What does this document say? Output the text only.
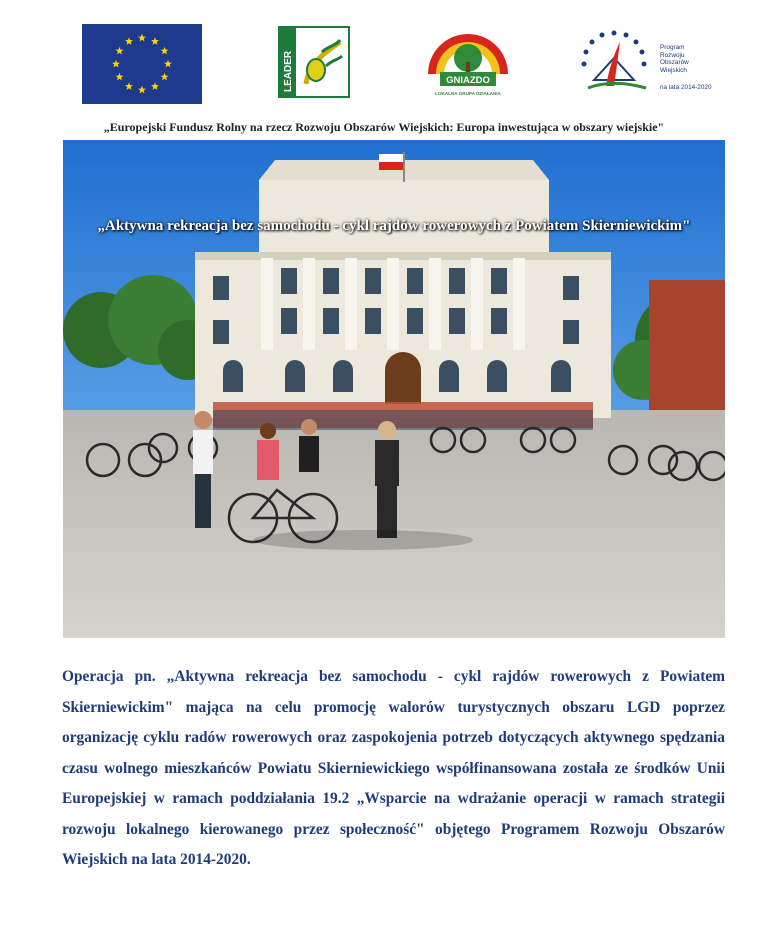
LEADER	GNIAZDO
LOKALNA GRUPA DZIAŁANIA
Program
Rozwoju
Obszarów
Wiejskich
na lata 2014-2020
„Europejski Fundusz Rolny na rzecz Rozwoju Obszarów Wiejskich: Europa inwestująca w obszary wiejskie"
„Aktywna rekreacja bez samochodu - cykl rajdów rowerowych z Powiatem Skierniewickim"

Operacja pn. „Aktywna rekreacja bez samochodu - cykl rajdów rowerowych z Powiatem Skierniewickim" mająca na celu promocję walorów turystycznych obszaru LGD poprzez organizację cyklu radów rowerowych oraz zaspokojenia potrzeb dotyczących aktywnego spędzania czasu wolnego mieszkańców Powiatu Skierniewickiego współfinansowana została ze środków Unii Europejskiej w ramach poddziałania 19.2 „Wsparcie na wdrażanie operacji w ramach strategii rozwoju lokalnego kierowanego przez społeczność" objętego Programem Rozwoju Obszarów Wiejskich na lata 2014-2020.
